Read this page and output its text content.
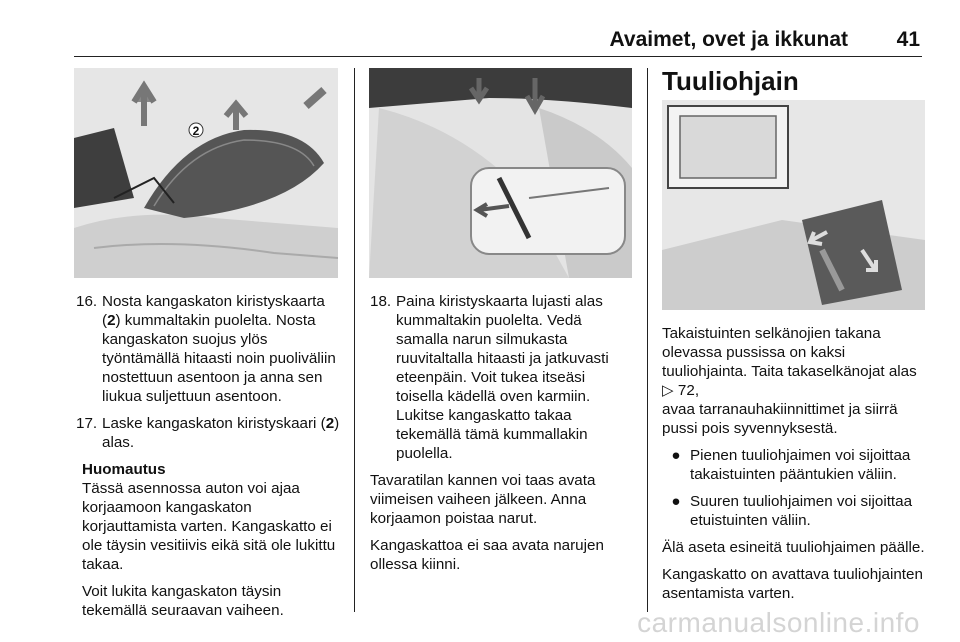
Avaimet, ovet ja ikkunat 41
2
16. Nosta kangaskaton kiristyskaarta (2) kummaltakin puolelta. Nosta kangaskaton suojus ylös työntämällä hitaasti noin puoliväliin nostettuun asentoon ja anna sen liukua suljettuun asentoon.
17. Laske kangaskaton kiristyskaari (2) alas.
Huomautus

Tässä asennossa auton voi ajaa korjaamoon kangaskaton korjauttamista varten. Kangaskatto ei ole täysin vesitiivis eikä sitä ole lukittu takaa.

Voit lukita kangaskaton täysin tekemällä seuraavan vaiheen.

18. Paina kiristyskaarta lujasti alas kummaltakin puolelta. Vedä samalla narun silmukasta ruuvitaltalla hitaasti ja jatkuvasti eteenpäin. Voit tukea itseäsi toisella kädellä oven karmiin. Lukitse kangaskatto takaa tekemällä tämä kummallakin puolella.

Tavaratilan kannen voi taas avata viimeisen vaiheen jälkeen. Anna korjaamon poistaa narut.

Kangaskattoa ei saa avata narujen ollessa kiinni.

Tuuliohjain

Takaistuinten selkänojien takana olevassa pussissa on kaksi tuuliohjainta. Taita takaselkänojat alas ▷ 72,
avaa tarranauhakiinnittimet ja siirrä pussi pois syvennyksestä.

● Pienen tuuliohjaimen voi sijoittaa takaistuinten pääntukien väliin.
● Suuren tuuliohjaimen voi sijoittaa etuistuinten väliin.

Älä aseta esineitä tuuliohjaimen päälle.

Kangaskatto on avattava tuuliohjainten asentamista varten.

carmanualsonline.info
